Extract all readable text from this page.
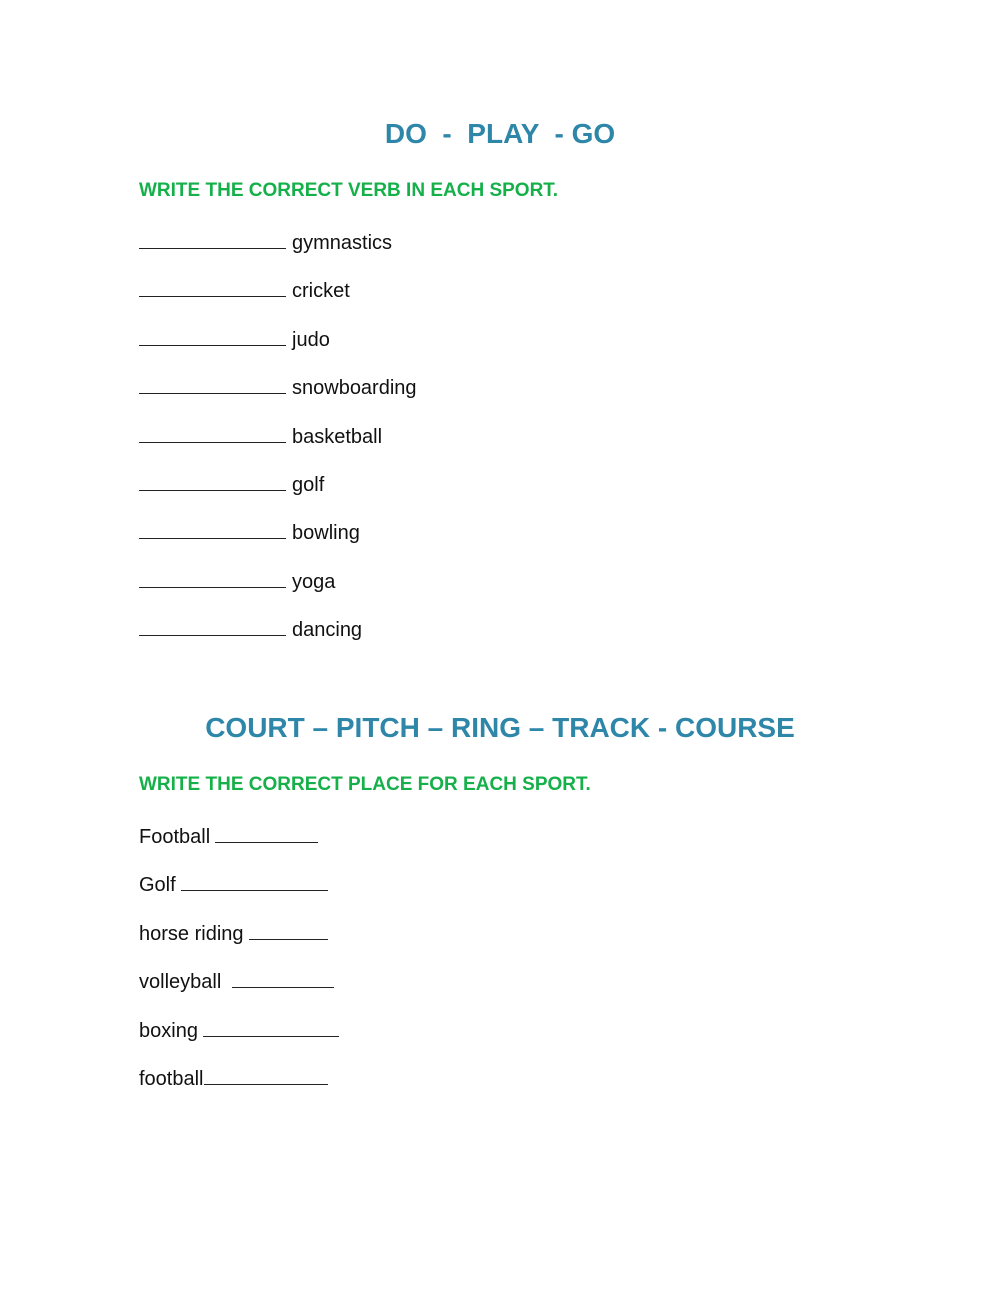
DO  -  PLAY  - GO

WRITE THE CORRECT VERB IN EACH SPORT.

gymnastics
cricket
judo
snowboarding
basketball
golf
bowling
yoga
dancing
COURT – PITCH – RING – TRACK - COURSE

WRITE THE CORRECT PLACE FOR EACH SPORT.

Football
Golf
horse riding
volleyball
boxing
football
